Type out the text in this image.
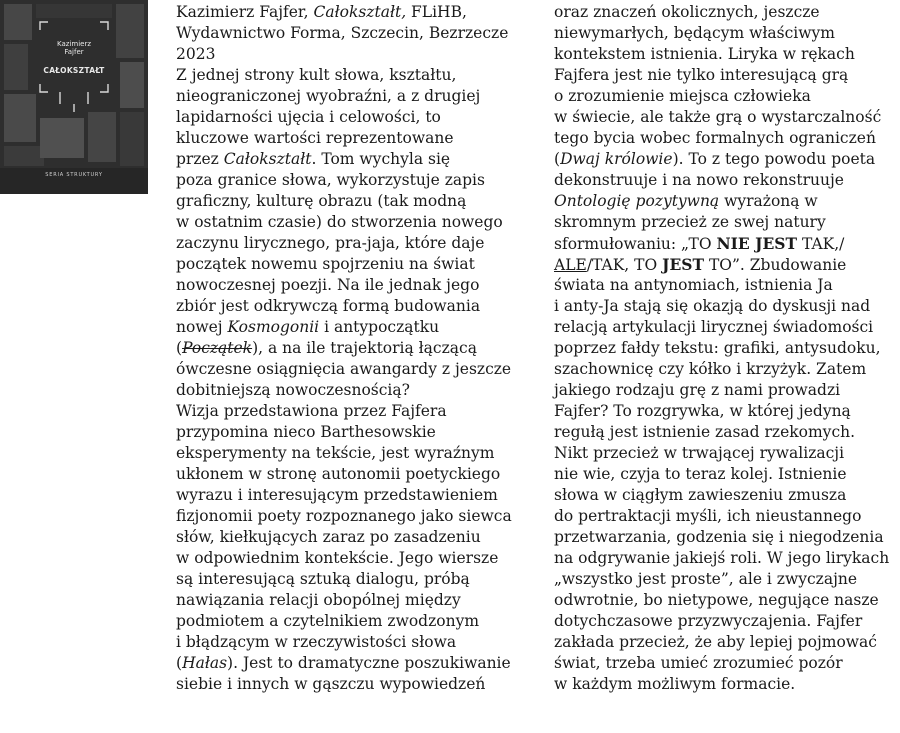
Kazimierz
Fajfer
CAŁOKSZTAŁT
SERIA STRUKTURY
Kazimierz Fajfer, Całokształt, FLiHB,
Wydawnictwo Forma, Szczecin, Bezrzecze
2023
Z jednej strony kult słowa, kształtu,
nieograniczonej wyobraźni, a z drugiej
lapidarności ujęcia i celowości, to
kluczowe wartości reprezentowane
przez Całokształt. Tom wychyla się
poza granice słowa, wykorzystuje zapis
graficzny, kulturę obrazu (tak modną
w ostatnim czasie) do stworzenia nowego
zaczynu lirycznego, pra-jaja, które daje
początek nowemu spojrzeniu na świat
nowoczesnej poezji. Na ile jednak jego
zbiór jest odkrywczą formą budowania
nowej Kosmogonii i antypoczątku
(Początek), a na ile trajektorią łączącą
ówczesne osiągnięcia awangardy z jeszcze
dobitniejszą nowoczesnością?
Wizja przedstawiona przez Fajfera
przypomina nieco Barthesowskie
eksperymenty na tekście, jest wyraźnym
ukłonem w stronę autonomii poetyckiego
wyrazu i interesującym przedstawieniem
fizjonomii poety rozpoznanego jako siewca
słów, kiełkujących zaraz po zasadzeniu
w odpowiednim kontekście. Jego wiersze
są interesującą sztuką dialogu, próbą
nawiązania relacji obopólnej między
podmiotem a czytelnikiem zwodzonym
i błądzącym w rzeczywistości słowa
(Hałas). Jest to dramatyczne poszukiwanie
siebie i innych w gąszczu wypowiedzeń
oraz znaczeń okolicznych, jeszcze
niewymarłych, będącym właściwym
kontekstem istnienia. Liryka w rękach
Fajfera jest nie tylko interesującą grą
o zrozumienie miejsca człowieka
w świecie, ale także grą o wystarczalność
tego bycia wobec formalnych ograniczeń
(Dwaj królowie). To z tego powodu poeta
dekonstruuje i na nowo rekonstruuje
Ontologię pozytywną wyrażoną w
skromnym przecież ze swej natury
sformułowaniu: „TO NIE JEST TAK,/
ALE/TAK, TO JEST TO”. Zbudowanie
świata na antynomiach, istnienia Ja
i anty-Ja stają się okazją do dyskusji nad
relacją artykulacji lirycznej świadomości
poprzez fałdy tekstu: grafiki, antysudoku,
szachownicę czy kółko i krzyżyk. Zatem
jakiego rodzaju grę z nami prowadzi
Fajfer? To rozgrywka, w której jedyną
regułą jest istnienie zasad rzekomych.
Nikt przecież w trwającej rywalizacji
nie wie, czyja to teraz kolej. Istnienie
słowa w ciągłym zawieszeniu zmusza
do pertraktacji myśli, ich nieustannego
przetwarzania, godzenia się i niegodzenia
na odgrywanie jakiejś roli. W jego lirykach
„wszystko jest proste”, ale i zwyczajne
odwrotnie, bo nietypowe, negujące nasze
dotychczasowe przyzwyczajenia. Fajfer
zakłada przecież, że aby lepiej pojmować
świat, trzeba umieć zrozumieć pozór
w każdym możliwym formacie.
